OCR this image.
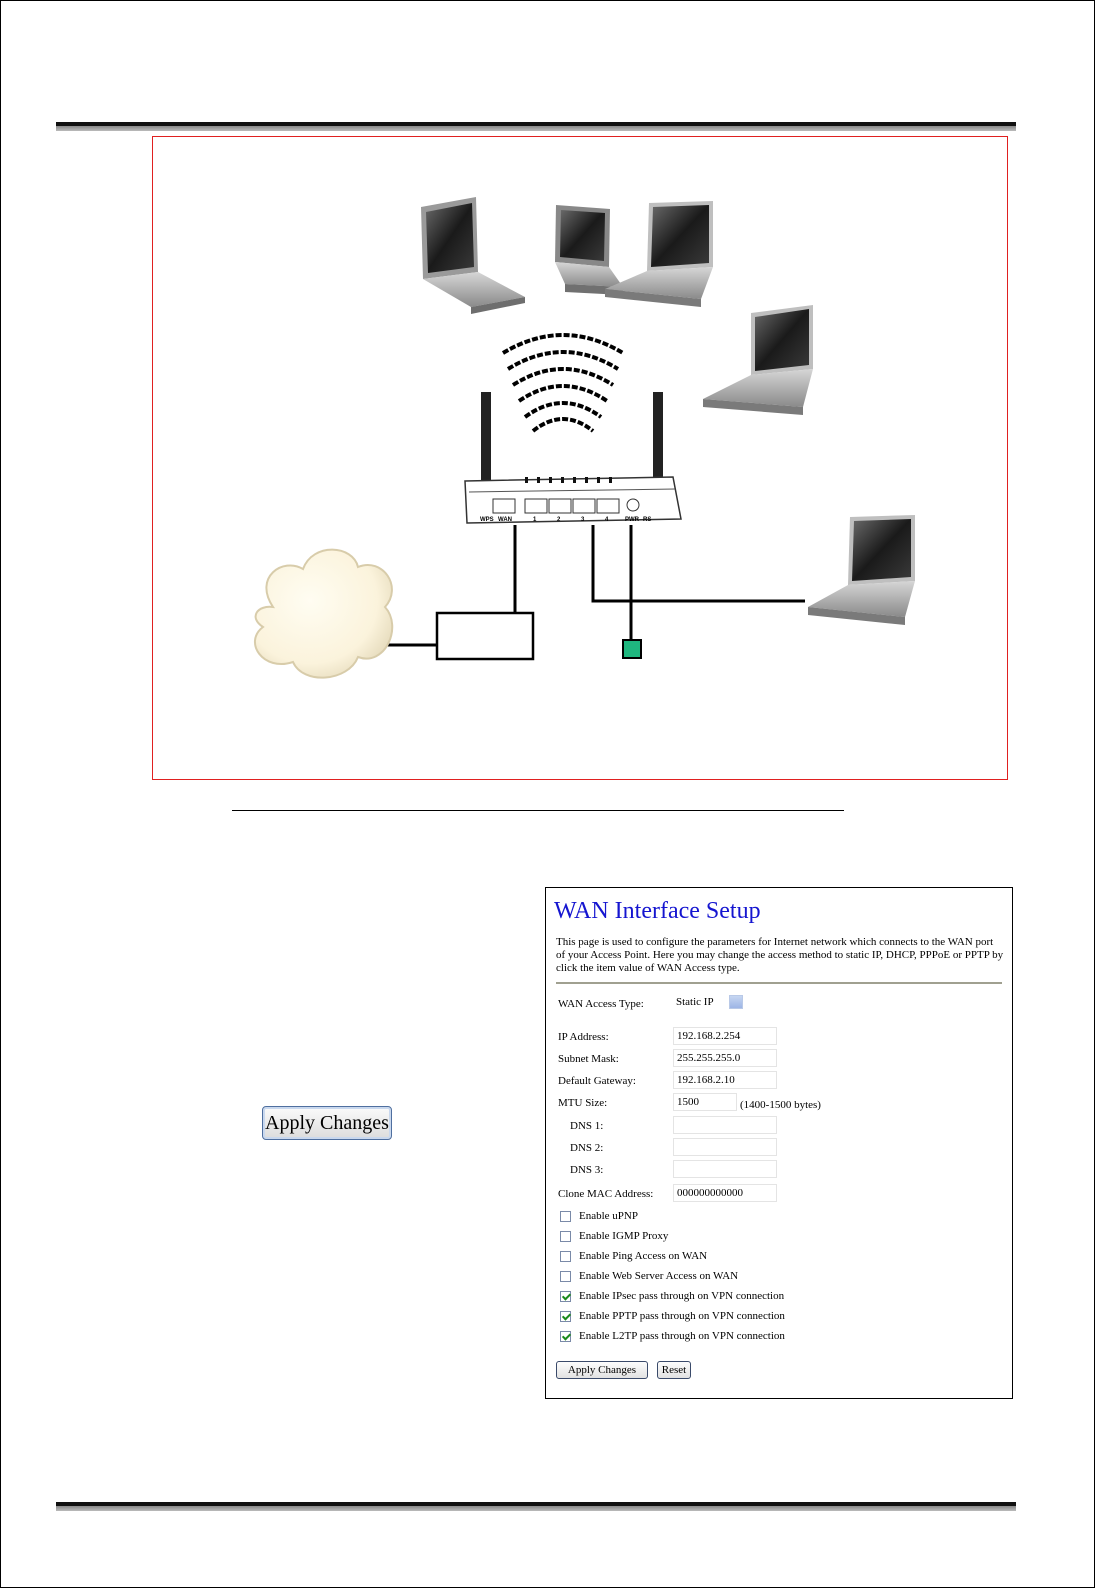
WPS WAN	1	2	3	4	PWR RS
Apply Changes
WAN Interface Setup
This page is used to configure the parameters for Internet network which connects to the WAN port of your Access Point. Here you may change the access method to static IP, DHCP, PPPoE or PPTP by click the item value of WAN Access type.
WAN Access Type:	Static IP
IP Address:	192.168.2.254
Subnet Mask:	255.255.255.0
Default Gateway:	192.168.2.10
MTU Size:	1500	(1400-1500 bytes)
DNS 1:
DNS 2:
DNS 3:
Clone MAC Address:	000000000000
Enable uPNP
Enable IGMP Proxy
Enable Ping Access on WAN
Enable Web Server Access on WAN
Enable IPsec pass through on VPN connection
Enable PPTP pass through on VPN connection
Enable L2TP pass through on VPN connection
Apply Changes	Reset
